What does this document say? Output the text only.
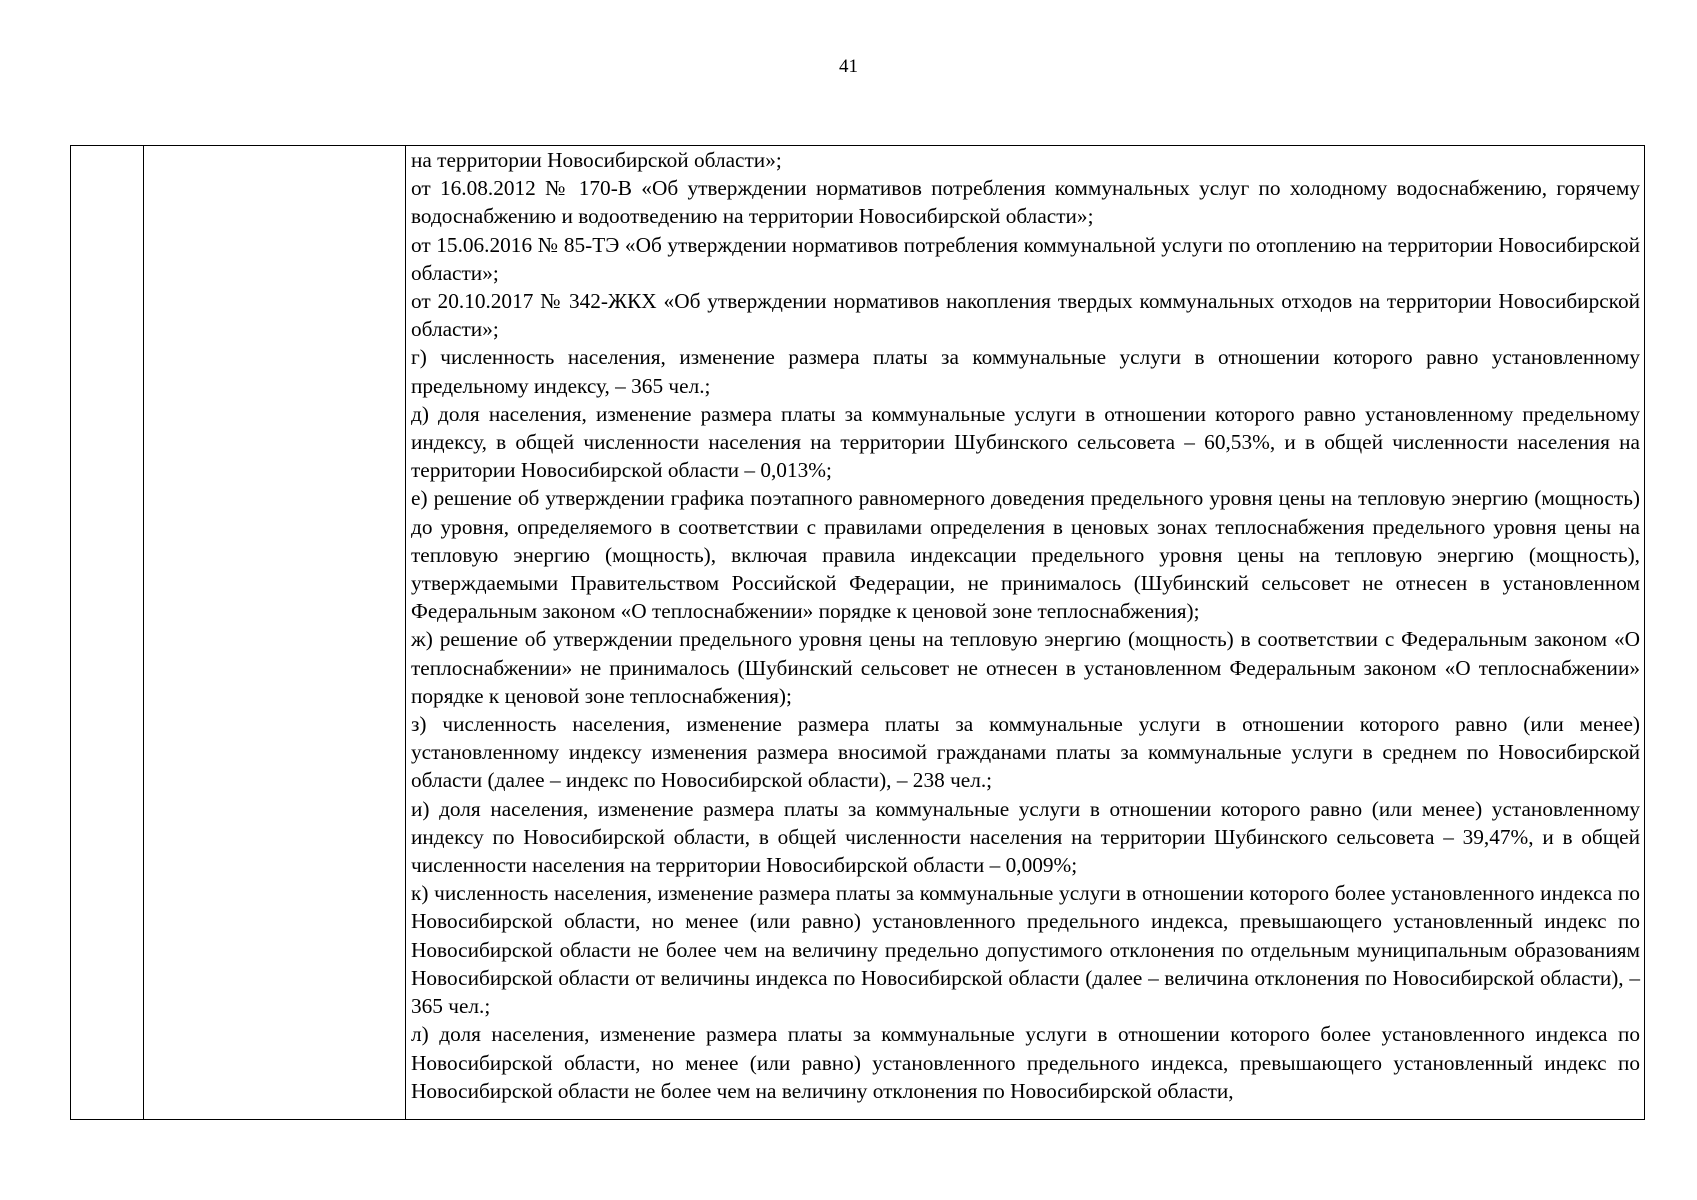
41

на территории Новосибирской области»;

от 16.08.2012 № 170-В «Об утверждении нормативов потребления коммунальных услуг по холодному водоснабжению, горячему водоснабжению и водоотведению на территории Новосибирской области»;

от 15.06.2016 № 85-ТЭ «Об утверждении нормативов потребления коммунальной услуги по отоплению на территории Новосибирской области»;

от 20.10.2017 № 342-ЖКХ «Об утверждении нормативов накопления твердых коммунальных отходов на территории Новосибирской области»;

г) численность населения, изменение размера платы за коммунальные услуги в отношении которого равно установленному предельному индексу, – 365 чел.;

д) доля населения, изменение размера платы за коммунальные услуги в отношении которого равно установленному предельному индексу, в общей численности населения на территории Шубинского сельсовета – 60,53%, и в общей численности населения на территории Новосибирской области – 0,013%;

е) решение об утверждении графика поэтапного равномерного доведения предельного уровня цены на тепловую энергию (мощность) до уровня, определяемого в соответствии с правилами определения в ценовых зонах теплоснабжения предельного уровня цены на тепловую энергию (мощность), включая правила индексации предельного уровня цены на тепловую энергию (мощность), утверждаемыми Правительством Российской Федерации, не принималось (Шубинский сельсовет не отнесен в установленном Федеральным законом «О теплоснабжении» порядке к ценовой зоне теплоснабжения);

ж) решение об утверждении предельного уровня цены на тепловую энергию (мощность) в соответствии с Федеральным законом «О теплоснабжении» не принималось (Шубинский сельсовет не отнесен в установленном Федеральным законом «О теплоснабжении» порядке к ценовой зоне теплоснабжения);

з) численность населения, изменение размера платы за коммунальные услуги в отношении которого равно (или менее) установленному индексу изменения размера вносимой гражданами платы за коммунальные услуги в среднем по Новосибирской области (далее – индекс по Новосибирской области), – 238 чел.;

и) доля населения, изменение размера платы за коммунальные услуги в отношении которого равно (или менее) установленному индексу по Новосибирской области, в общей численности населения на территории Шубинского сельсовета – 39,47%, и в общей численности населения на территории Новосибирской области – 0,009%;

к) численность населения, изменение размера платы за коммунальные услуги в отношении которого более установленного индекса по Новосибирской области, но менее (или равно) установленного предельного индекса, превышающего установленный индекс по Новосибирской области не более чем на величину предельно допустимого отклонения по отдельным муниципальным образованиям Новосибирской области от величины индекса по Новосибирской области (далее – величина отклонения по Новосибирской области), – 365 чел.;

л) доля населения, изменение размера платы за коммунальные услуги в отношении которого более установленного индекса по Новосибирской области, но менее (или равно) установленного предельного индекса, превышающего установленный индекс по Новосибирской области не более чем на величину отклонения по Новосибирской области,
